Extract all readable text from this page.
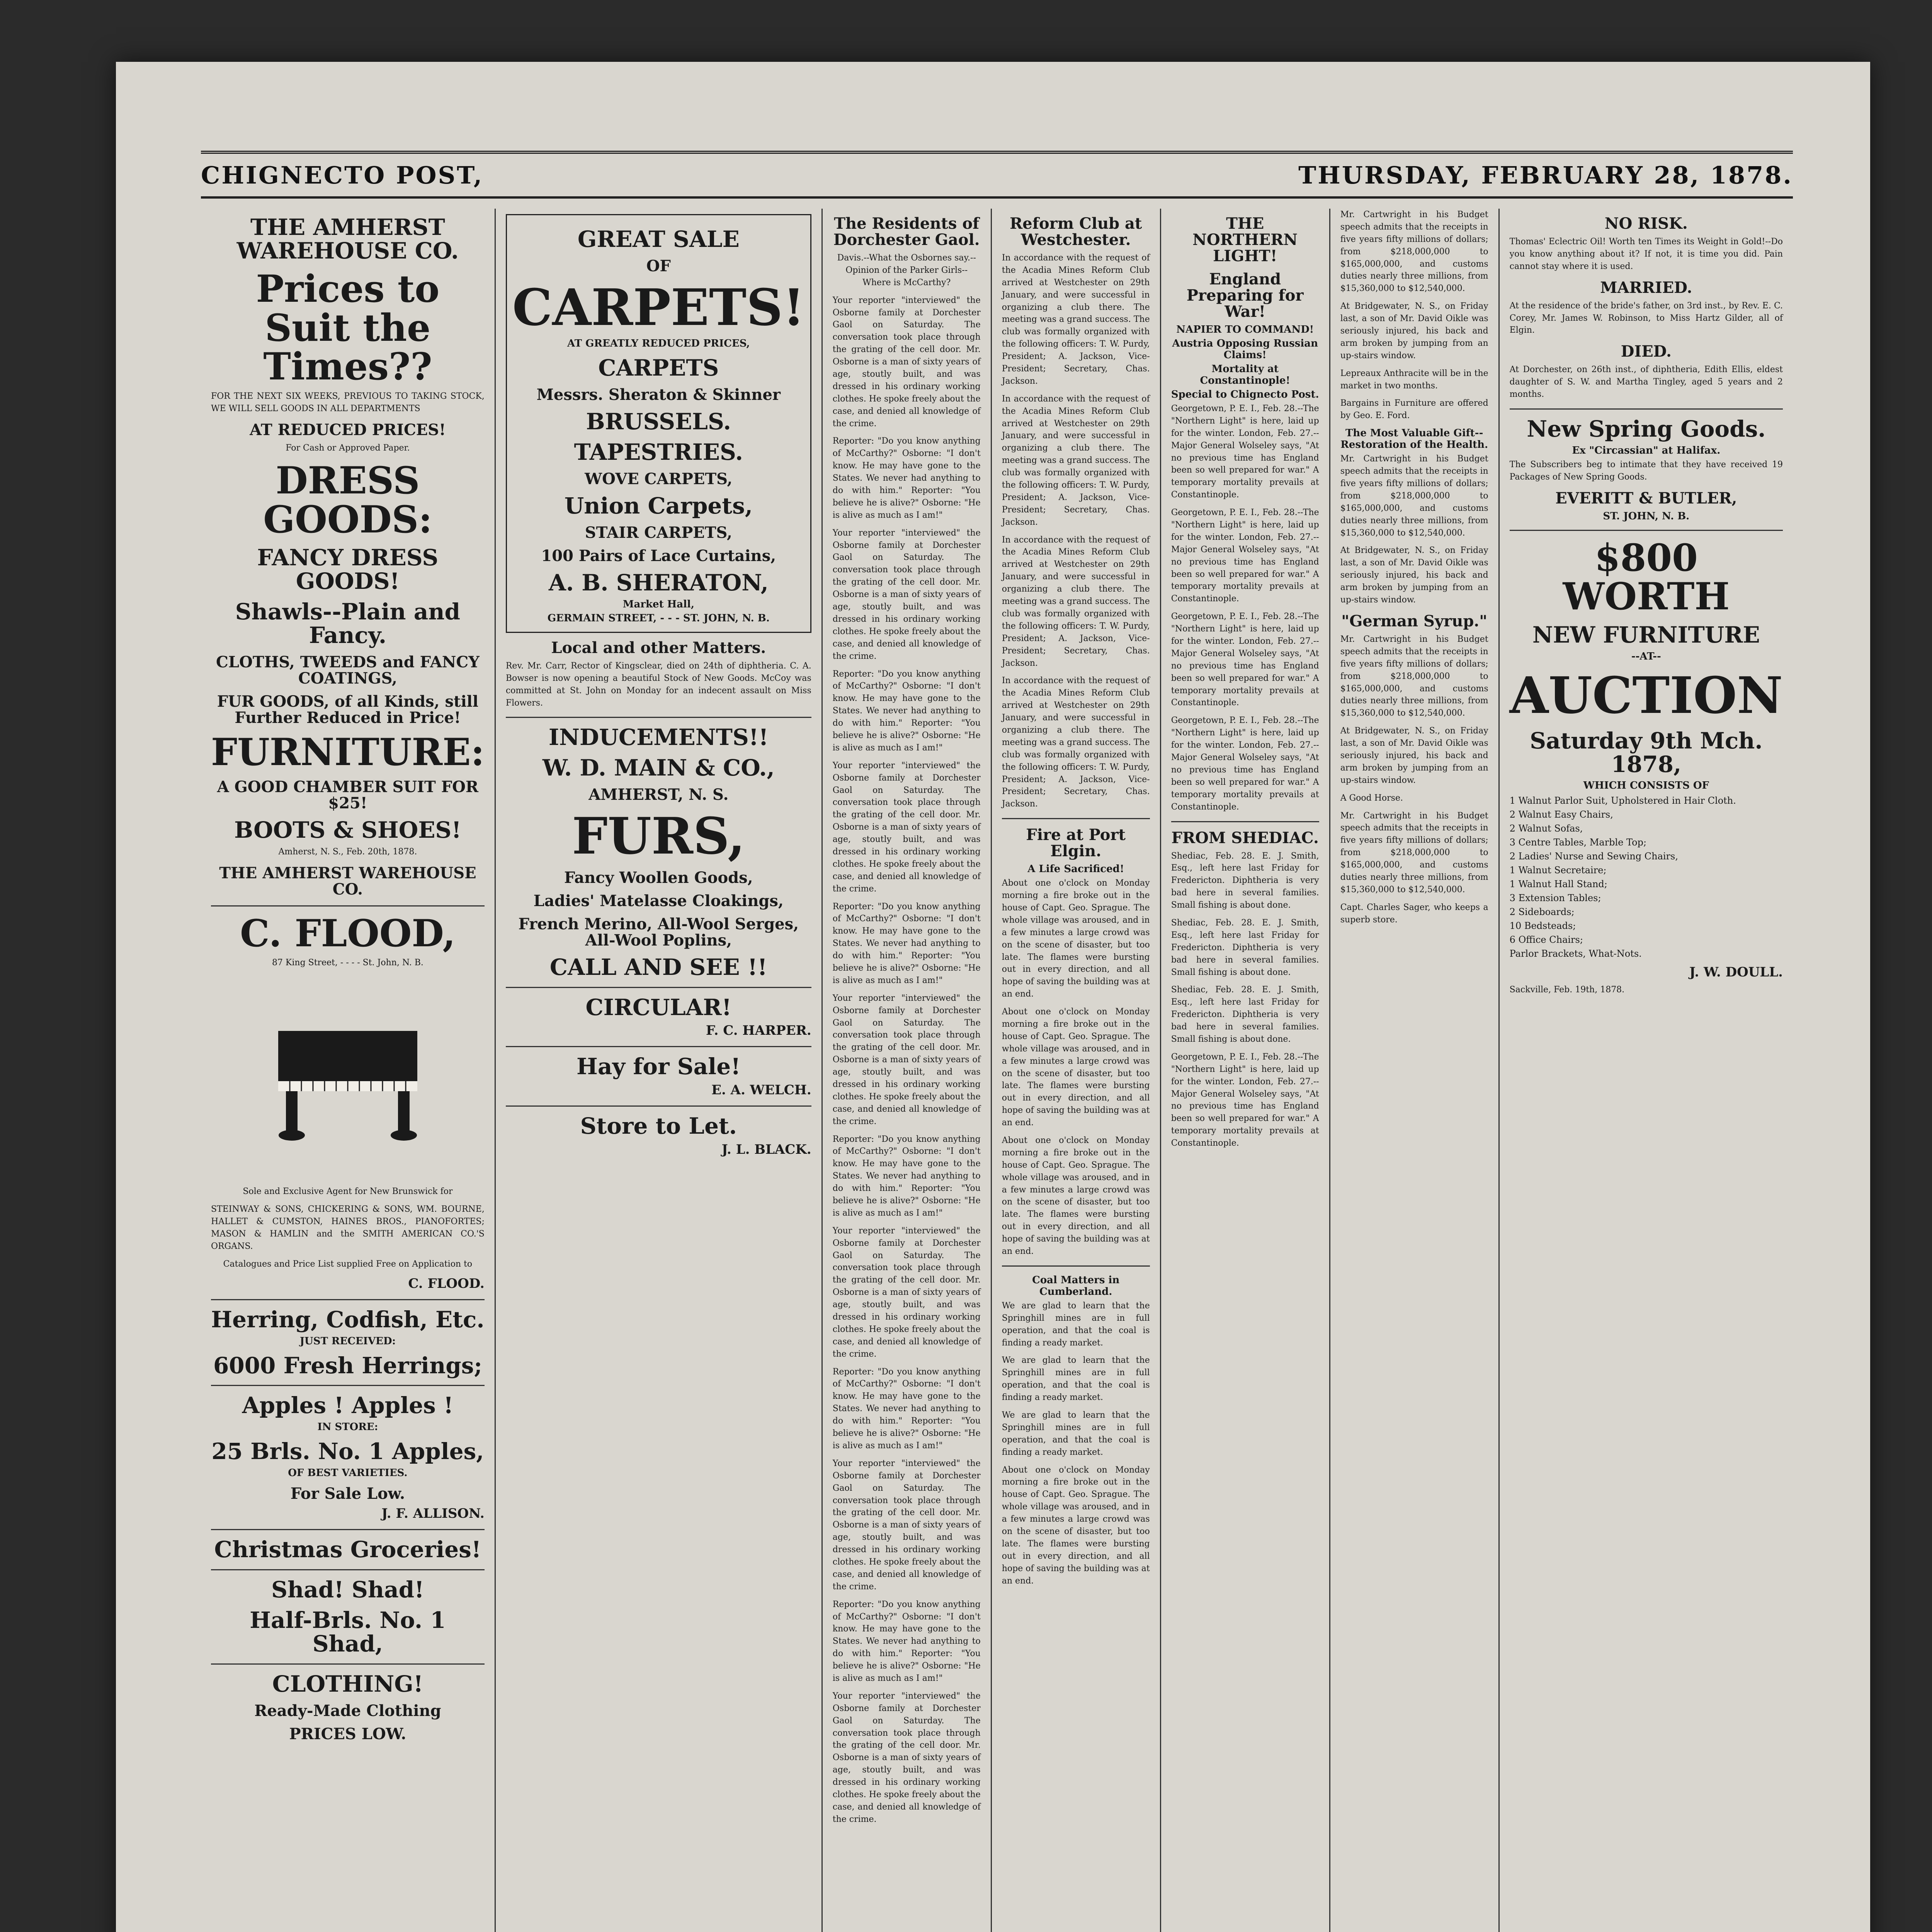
CHIGNECTO POST,	THURSDAY, FEBRUARY 28, 1878.
THE AMHERST WAREHOUSE CO.
Prices to Suit the Times??

FOR THE NEXT SIX WEEKS, PREVIOUS TO TAKING STOCK, WE WILL SELL GOODS IN ALL DEPARTMENTS

AT REDUCED PRICES!
For Cash or Approved Paper.
DRESS GOODS:
FANCY DRESS GOODS!
Shawls--Plain and Fancy.
CLOTHS, TWEEDS and FANCY COATINGS,
FUR GOODS, of all Kinds, still Further Reduced in Price!
FURNITURE:
A GOOD CHAMBER SUIT FOR $25!
BOOTS & SHOES!
Amherst, N. S., Feb. 20th, 1878.
THE AMHERST WAREHOUSE CO.
C. FLOOD,
87 King Street, - - - - St. John, N. B.

Sole and Exclusive Agent for New Brunswick for

STEINWAY & SONS, CHICKERING & SONS, WM. BOURNE, HALLET & CUMSTON, HAINES BROS., PIANOFORTES; MASON & HAMLIN and the SMITH AMERICAN CO.'S ORGANS.

Catalogues and Price List supplied Free on Application to

C. FLOOD.
Herring, Codfish, Etc.
JUST RECEIVED:
6000 Fresh Herrings;
Apples ! Apples !
IN STORE:
25 Brls. No. 1 Apples,
OF BEST VARIETIES.
For Sale Low.
J. F. ALLISON.
Christmas Groceries!
Shad! Shad!
Half-Brls. No. 1 Shad,
CLOTHING!
Ready-Made Clothing
PRICES LOW.
GREAT SALE
OF
CARPETS!
AT GREATLY REDUCED PRICES,
CARPETS
Messrs. Sheraton & Skinner
BRUSSELS.
TAPESTRIES.
WOVE CARPETS,
Union Carpets,
STAIR CARPETS,
100 Pairs of Lace Curtains,
A. B. SHERATON,
Market Hall,
GERMAIN STREET, - - - ST. JOHN, N. B.
Local and other Matters.

Rev. Mr. Carr, Rector of Kingsclear, died on 24th of diphtheria. C. A. Bowser is now opening a beautiful Stock of New Goods. McCoy was committed at St. John on Monday for an indecent assault on Miss Flowers.

INDUCEMENTS!!
W. D. MAIN & CO.,
AMHERST, N. S.
FURS,
Fancy Woollen Goods,
Ladies' Matelasse Cloakings,
French Merino, All-Wool Serges, All-Wool Poplins,
CALL AND SEE !!
CIRCULAR!
F. C. HARPER.
Hay for Sale!
E. A. WELCH.
Store to Let.
J. L. BLACK.
The Residents of Dorchester Gaol.

Davis.--What the Osbornes say.--Opinion of the Parker Girls--Where is McCarthy?

Your reporter "interviewed" the Osborne family at Dorchester Gaol on Saturday. The conversation took place through the grating of the cell door. Mr. Osborne is a man of sixty years of age, stoutly built, and was dressed in his ordinary working clothes. He spoke freely about the case, and denied all knowledge of the crime.

Reporter: "Do you know anything of McCarthy?" Osborne: "I don't know. He may have gone to the States. We never had anything to do with him." Reporter: "You believe he is alive?" Osborne: "He is alive as much as I am!"

Your reporter "interviewed" the Osborne family at Dorchester Gaol on Saturday. The conversation took place through the grating of the cell door. Mr. Osborne is a man of sixty years of age, stoutly built, and was dressed in his ordinary working clothes. He spoke freely about the case, and denied all knowledge of the crime.

Reporter: "Do you know anything of McCarthy?" Osborne: "I don't know. He may have gone to the States. We never had anything to do with him." Reporter: "You believe he is alive?" Osborne: "He is alive as much as I am!"

Your reporter "interviewed" the Osborne family at Dorchester Gaol on Saturday. The conversation took place through the grating of the cell door. Mr. Osborne is a man of sixty years of age, stoutly built, and was dressed in his ordinary working clothes. He spoke freely about the case, and denied all knowledge of the crime.

Reporter: "Do you know anything of McCarthy?" Osborne: "I don't know. He may have gone to the States. We never had anything to do with him." Reporter: "You believe he is alive?" Osborne: "He is alive as much as I am!"

Your reporter "interviewed" the Osborne family at Dorchester Gaol on Saturday. The conversation took place through the grating of the cell door. Mr. Osborne is a man of sixty years of age, stoutly built, and was dressed in his ordinary working clothes. He spoke freely about the case, and denied all knowledge of the crime.

Reporter: "Do you know anything of McCarthy?" Osborne: "I don't know. He may have gone to the States. We never had anything to do with him." Reporter: "You believe he is alive?" Osborne: "He is alive as much as I am!"

Your reporter "interviewed" the Osborne family at Dorchester Gaol on Saturday. The conversation took place through the grating of the cell door. Mr. Osborne is a man of sixty years of age, stoutly built, and was dressed in his ordinary working clothes. He spoke freely about the case, and denied all knowledge of the crime.

Reporter: "Do you know anything of McCarthy?" Osborne: "I don't know. He may have gone to the States. We never had anything to do with him." Reporter: "You believe he is alive?" Osborne: "He is alive as much as I am!"

Your reporter "interviewed" the Osborne family at Dorchester Gaol on Saturday. The conversation took place through the grating of the cell door. Mr. Osborne is a man of sixty years of age, stoutly built, and was dressed in his ordinary working clothes. He spoke freely about the case, and denied all knowledge of the crime.

Reporter: "Do you know anything of McCarthy?" Osborne: "I don't know. He may have gone to the States. We never had anything to do with him." Reporter: "You believe he is alive?" Osborne: "He is alive as much as I am!"

Your reporter "interviewed" the Osborne family at Dorchester Gaol on Saturday. The conversation took place through the grating of the cell door. Mr. Osborne is a man of sixty years of age, stoutly built, and was dressed in his ordinary working clothes. He spoke freely about the case, and denied all knowledge of the crime.

Reform Club at Westchester.

In accordance with the request of the Acadia Mines Reform Club arrived at Westchester on 29th January, and were successful in organizing a club there. The meeting was a grand success. The club was formally organized with the following officers: T. W. Purdy, President; A. Jackson, Vice-President; Secretary, Chas. Jackson.

In accordance with the request of the Acadia Mines Reform Club arrived at Westchester on 29th January, and were successful in organizing a club there. The meeting was a grand success. The club was formally organized with the following officers: T. W. Purdy, President; A. Jackson, Vice-President; Secretary, Chas. Jackson.

In accordance with the request of the Acadia Mines Reform Club arrived at Westchester on 29th January, and were successful in organizing a club there. The meeting was a grand success. The club was formally organized with the following officers: T. W. Purdy, President; A. Jackson, Vice-President; Secretary, Chas. Jackson.

In accordance with the request of the Acadia Mines Reform Club arrived at Westchester on 29th January, and were successful in organizing a club there. The meeting was a grand success. The club was formally organized with the following officers: T. W. Purdy, President; A. Jackson, Vice-President; Secretary, Chas. Jackson.

Fire at Port Elgin.
A Life Sacrificed!

About one o'clock on Monday morning a fire broke out in the house of Capt. Geo. Sprague. The whole village was aroused, and in a few minutes a large crowd was on the scene of disaster, but too late. The flames were bursting out in every direction, and all hope of saving the building was at an end.

About one o'clock on Monday morning a fire broke out in the house of Capt. Geo. Sprague. The whole village was aroused, and in a few minutes a large crowd was on the scene of disaster, but too late. The flames were bursting out in every direction, and all hope of saving the building was at an end.

About one o'clock on Monday morning a fire broke out in the house of Capt. Geo. Sprague. The whole village was aroused, and in a few minutes a large crowd was on the scene of disaster, but too late. The flames were bursting out in every direction, and all hope of saving the building was at an end.

Coal Matters in Cumberland.

We are glad to learn that the Springhill mines are in full operation, and that the coal is finding a ready market.

We are glad to learn that the Springhill mines are in full operation, and that the coal is finding a ready market.

We are glad to learn that the Springhill mines are in full operation, and that the coal is finding a ready market.

About one o'clock on Monday morning a fire broke out in the house of Capt. Geo. Sprague. The whole village was aroused, and in a few minutes a large crowd was on the scene of disaster, but too late. The flames were bursting out in every direction, and all hope of saving the building was at an end.

THE NORTHERN LIGHT!
England Preparing for War!
NAPIER TO COMMAND!
Austria Opposing Russian Claims!
Mortality at Constantinople!
Special to Chignecto Post.

Georgetown, P. E. I., Feb. 28.--The "Northern Light" is here, laid up for the winter. London, Feb. 27.--Major General Wolseley says, "At no previous time has England been so well prepared for war." A temporary mortality prevails at Constantinople.

Georgetown, P. E. I., Feb. 28.--The "Northern Light" is here, laid up for the winter. London, Feb. 27.--Major General Wolseley says, "At no previous time has England been so well prepared for war." A temporary mortality prevails at Constantinople.

Georgetown, P. E. I., Feb. 28.--The "Northern Light" is here, laid up for the winter. London, Feb. 27.--Major General Wolseley says, "At no previous time has England been so well prepared for war." A temporary mortality prevails at Constantinople.

Georgetown, P. E. I., Feb. 28.--The "Northern Light" is here, laid up for the winter. London, Feb. 27.--Major General Wolseley says, "At no previous time has England been so well prepared for war." A temporary mortality prevails at Constantinople.

FROM SHEDIAC.

Shediac, Feb. 28. E. J. Smith, Esq., left here last Friday for Fredericton. Diphtheria is very bad here in several families. Small fishing is about done.

Shediac, Feb. 28. E. J. Smith, Esq., left here last Friday for Fredericton. Diphtheria is very bad here in several families. Small fishing is about done.

Shediac, Feb. 28. E. J. Smith, Esq., left here last Friday for Fredericton. Diphtheria is very bad here in several families. Small fishing is about done.

Georgetown, P. E. I., Feb. 28.--The "Northern Light" is here, laid up for the winter. London, Feb. 27.--Major General Wolseley says, "At no previous time has England been so well prepared for war." A temporary mortality prevails at Constantinople.

Mr. Cartwright in his Budget speech admits that the receipts in five years fifty millions of dollars; from $218,000,000 to $165,000,000, and customs duties nearly three millions, from $15,360,000 to $12,540,000.

At Bridgewater, N. S., on Friday last, a son of Mr. David Oikle was seriously injured, his back and arm broken by jumping from an up-stairs window.

Lepreaux Anthracite will be in the market in two months.

Bargains in Furniture are offered by Geo. E. Ford.

The Most Valuable Gift--Restoration of the Health.

Mr. Cartwright in his Budget speech admits that the receipts in five years fifty millions of dollars; from $218,000,000 to $165,000,000, and customs duties nearly three millions, from $15,360,000 to $12,540,000.

At Bridgewater, N. S., on Friday last, a son of Mr. David Oikle was seriously injured, his back and arm broken by jumping from an up-stairs window.

"German Syrup."

Mr. Cartwright in his Budget speech admits that the receipts in five years fifty millions of dollars; from $218,000,000 to $165,000,000, and customs duties nearly three millions, from $15,360,000 to $12,540,000.

At Bridgewater, N. S., on Friday last, a son of Mr. David Oikle was seriously injured, his back and arm broken by jumping from an up-stairs window.

A Good Horse.

Mr. Cartwright in his Budget speech admits that the receipts in five years fifty millions of dollars; from $218,000,000 to $165,000,000, and customs duties nearly three millions, from $15,360,000 to $12,540,000.

Capt. Charles Sager, who keeps a superb store.

NO RISK.

Thomas' Eclectric Oil! Worth ten Times its Weight in Gold!--Do you know anything about it? If not, it is time you did. Pain cannot stay where it is used.

MARRIED.

At the residence of the bride's father, on 3rd inst., by Rev. E. C. Corey, Mr. James W. Robinson, to Miss Hartz Gilder, all of Elgin.

DIED.

At Dorchester, on 26th inst., of diphtheria, Edith Ellis, eldest daughter of S. W. and Martha Tingley, aged 5 years and 2 months.

New Spring Goods.
Ex "Circassian" at Halifax.

The Subscribers beg to intimate that they have received 19 Packages of New Spring Goods.

EVERITT & BUTLER,
ST. JOHN, N. B.
$800 WORTH
NEW FURNITURE
--AT--
AUCTION
Saturday 9th Mch. 1878,
WHICH CONSISTS OF
1 Walnut Parlor Suit, Upholstered in Hair Cloth.
2 Walnut Easy Chairs,
2 Walnut Sofas,
3 Centre Tables, Marble Top;
2 Ladies' Nurse and Sewing Chairs,
1 Walnut Secretaire;
1 Walnut Hall Stand;
3 Extension Tables;
2 Sideboards;
10 Bedsteads;
6 Office Chairs;
Parlor Brackets, What-Nots.
J. W. DOULL.
Sackville, Feb. 19th, 1878.
